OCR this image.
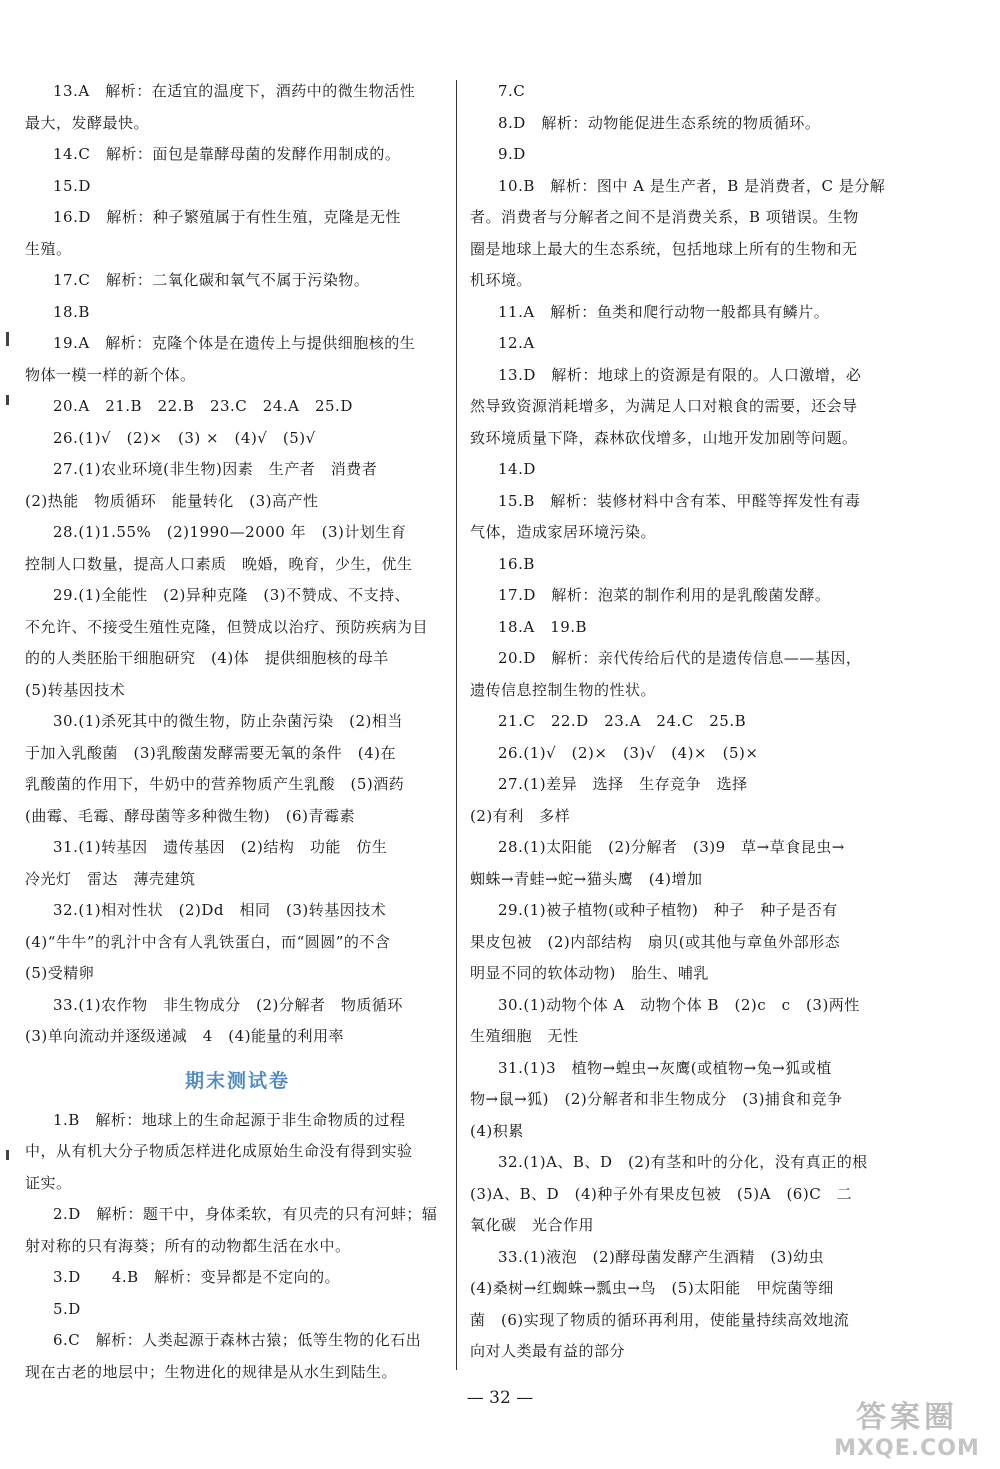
13.A　解析：在适宜的温度下，酒药中的微生物活性
最大，发酵最快。
14.C　解析：面包是靠酵母菌的发酵作用制成的。
15.D
16.D　解析：种子繁殖属于有性生殖，克隆是无性
生殖。
17.C　解析：二氧化碳和氧气不属于污染物。
18.B
19.A　解析：克隆个体是在遗传上与提供细胞核的生
物体一模一样的新个体。
20.A　21.B　22.B　23.C　24.A　25.D
26.(1)√　(2)×　(3) ×　(4)√　(5)√
27.(1)农业环境(非生物)因素　生产者　消费者
(2)热能　物质循环　能量转化　(3)高产性
28.(1)1.55%　(2)1990—2000 年　(3)计划生育
控制人口数量，提高人口素质　晚婚，晚育，少生，优生
29.(1)全能性　(2)异种克隆　(3)不赞成、不支持、
不允许、不接受生殖性克隆，但赞成以治疗、预防疾病为目
的的人类胚胎干细胞研究　(4)体　提供细胞核的母羊
(5)转基因技术
30.(1)杀死其中的微生物，防止杂菌污染　(2)相当
于加入乳酸菌　(3)乳酸菌发酵需要无氧的条件　(4)在
乳酸菌的作用下，牛奶中的营养物质产生乳酸　(5)酒药
(曲霉、毛霉、酵母菌等多种微生物)　(6)青霉素
31.(1)转基因　遗传基因　(2)结构　功能　仿生
冷光灯　雷达　薄壳建筑
32.(1)相对性状　(2)Dd　相同　(3)转基因技术
(4)“牛牛”的乳汁中含有人乳铁蛋白，而“圆圆”的不含
(5)受精卵
33.(1)农作物　非生物成分　(2)分解者　物质循环
(3)单向流动并逐级递减　4　(4)能量的利用率
期末测试卷
1.B　解析：地球上的生命起源于非生命物质的过程
中，从有机大分子物质怎样进化成原始生命没有得到实验
证实。
2.D　解析：题干中，身体柔软，有贝壳的只有河蚌；辐
射对称的只有海葵；所有的动物都生活在水中。
3.D　　4.B　解析：变异都是不定向的。
5.D
6.C　解析：人类起源于森林古猿；低等生物的化石出
现在古老的地层中；生物进化的规律是从水生到陆生。
7.C
8.D　解析：动物能促进生态系统的物质循环。
9.D
10.B　解析：图中 A 是生产者，B 是消费者，C 是分解
者。消费者与分解者之间不是消费关系，B 项错误。生物
圈是地球上最大的生态系统，包括地球上所有的生物和无
机环境。
11.A　解析：鱼类和爬行动物一般都具有鳞片。
12.A
13.D　解析：地球上的资源是有限的。人口激增，必
然导致资源消耗增多，为满足人口对粮食的需要，还会导
致环境质量下降，森林砍伐增多，山地开发加剧等问题。
14.D
15.B　解析：装修材料中含有苯、甲醛等挥发性有毒
气体，造成家居环境污染。
16.B
17.D　解析：泡菜的制作利用的是乳酸菌发酵。
18.A　19.B
20.D　解析：亲代传给后代的是遗传信息——基因，
遗传信息控制生物的性状。
21.C　22.D　23.A　24.C　25.B
26.(1)√　(2)×　(3)√　(4)×　(5)×
27.(1)差异　选择　生存竞争　选择
(2)有利　多样
28.(1)太阳能　(2)分解者　(3)9　草→草食昆虫→
蜘蛛→青蛙→蛇→猫头鹰　(4)增加
29.(1)被子植物(或种子植物)　种子　种子是否有
果皮包被　(2)内部结构　扇贝(或其他与章鱼外部形态
明显不同的软体动物)　胎生、哺乳
30.(1)动物个体 A　动物个体 B　(2)c　c　(3)两性
生殖细胞　无性
31.(1)3　植物→蝗虫→灰鹰(或植物→兔→狐或植
物→鼠→狐)　(2)分解者和非生物成分　(3)捕食和竞争
(4)积累
32.(1)A、B、D　(2)有茎和叶的分化，没有真正的根
(3)A、B、D　(4)种子外有果皮包被　(5)A　(6)C　二
氧化碳　光合作用
33.(1)液泡　(2)酵母菌发酵产生酒精　(3)幼虫
(4)桑树→红蜘蛛→瓢虫→鸟　(5)太阳能　甲烷菌等细
菌　(6)实现了物质的循环再利用，使能量持续高效地流
向对人类最有益的部分
— 32 —
答案圈
MXQE.COM
